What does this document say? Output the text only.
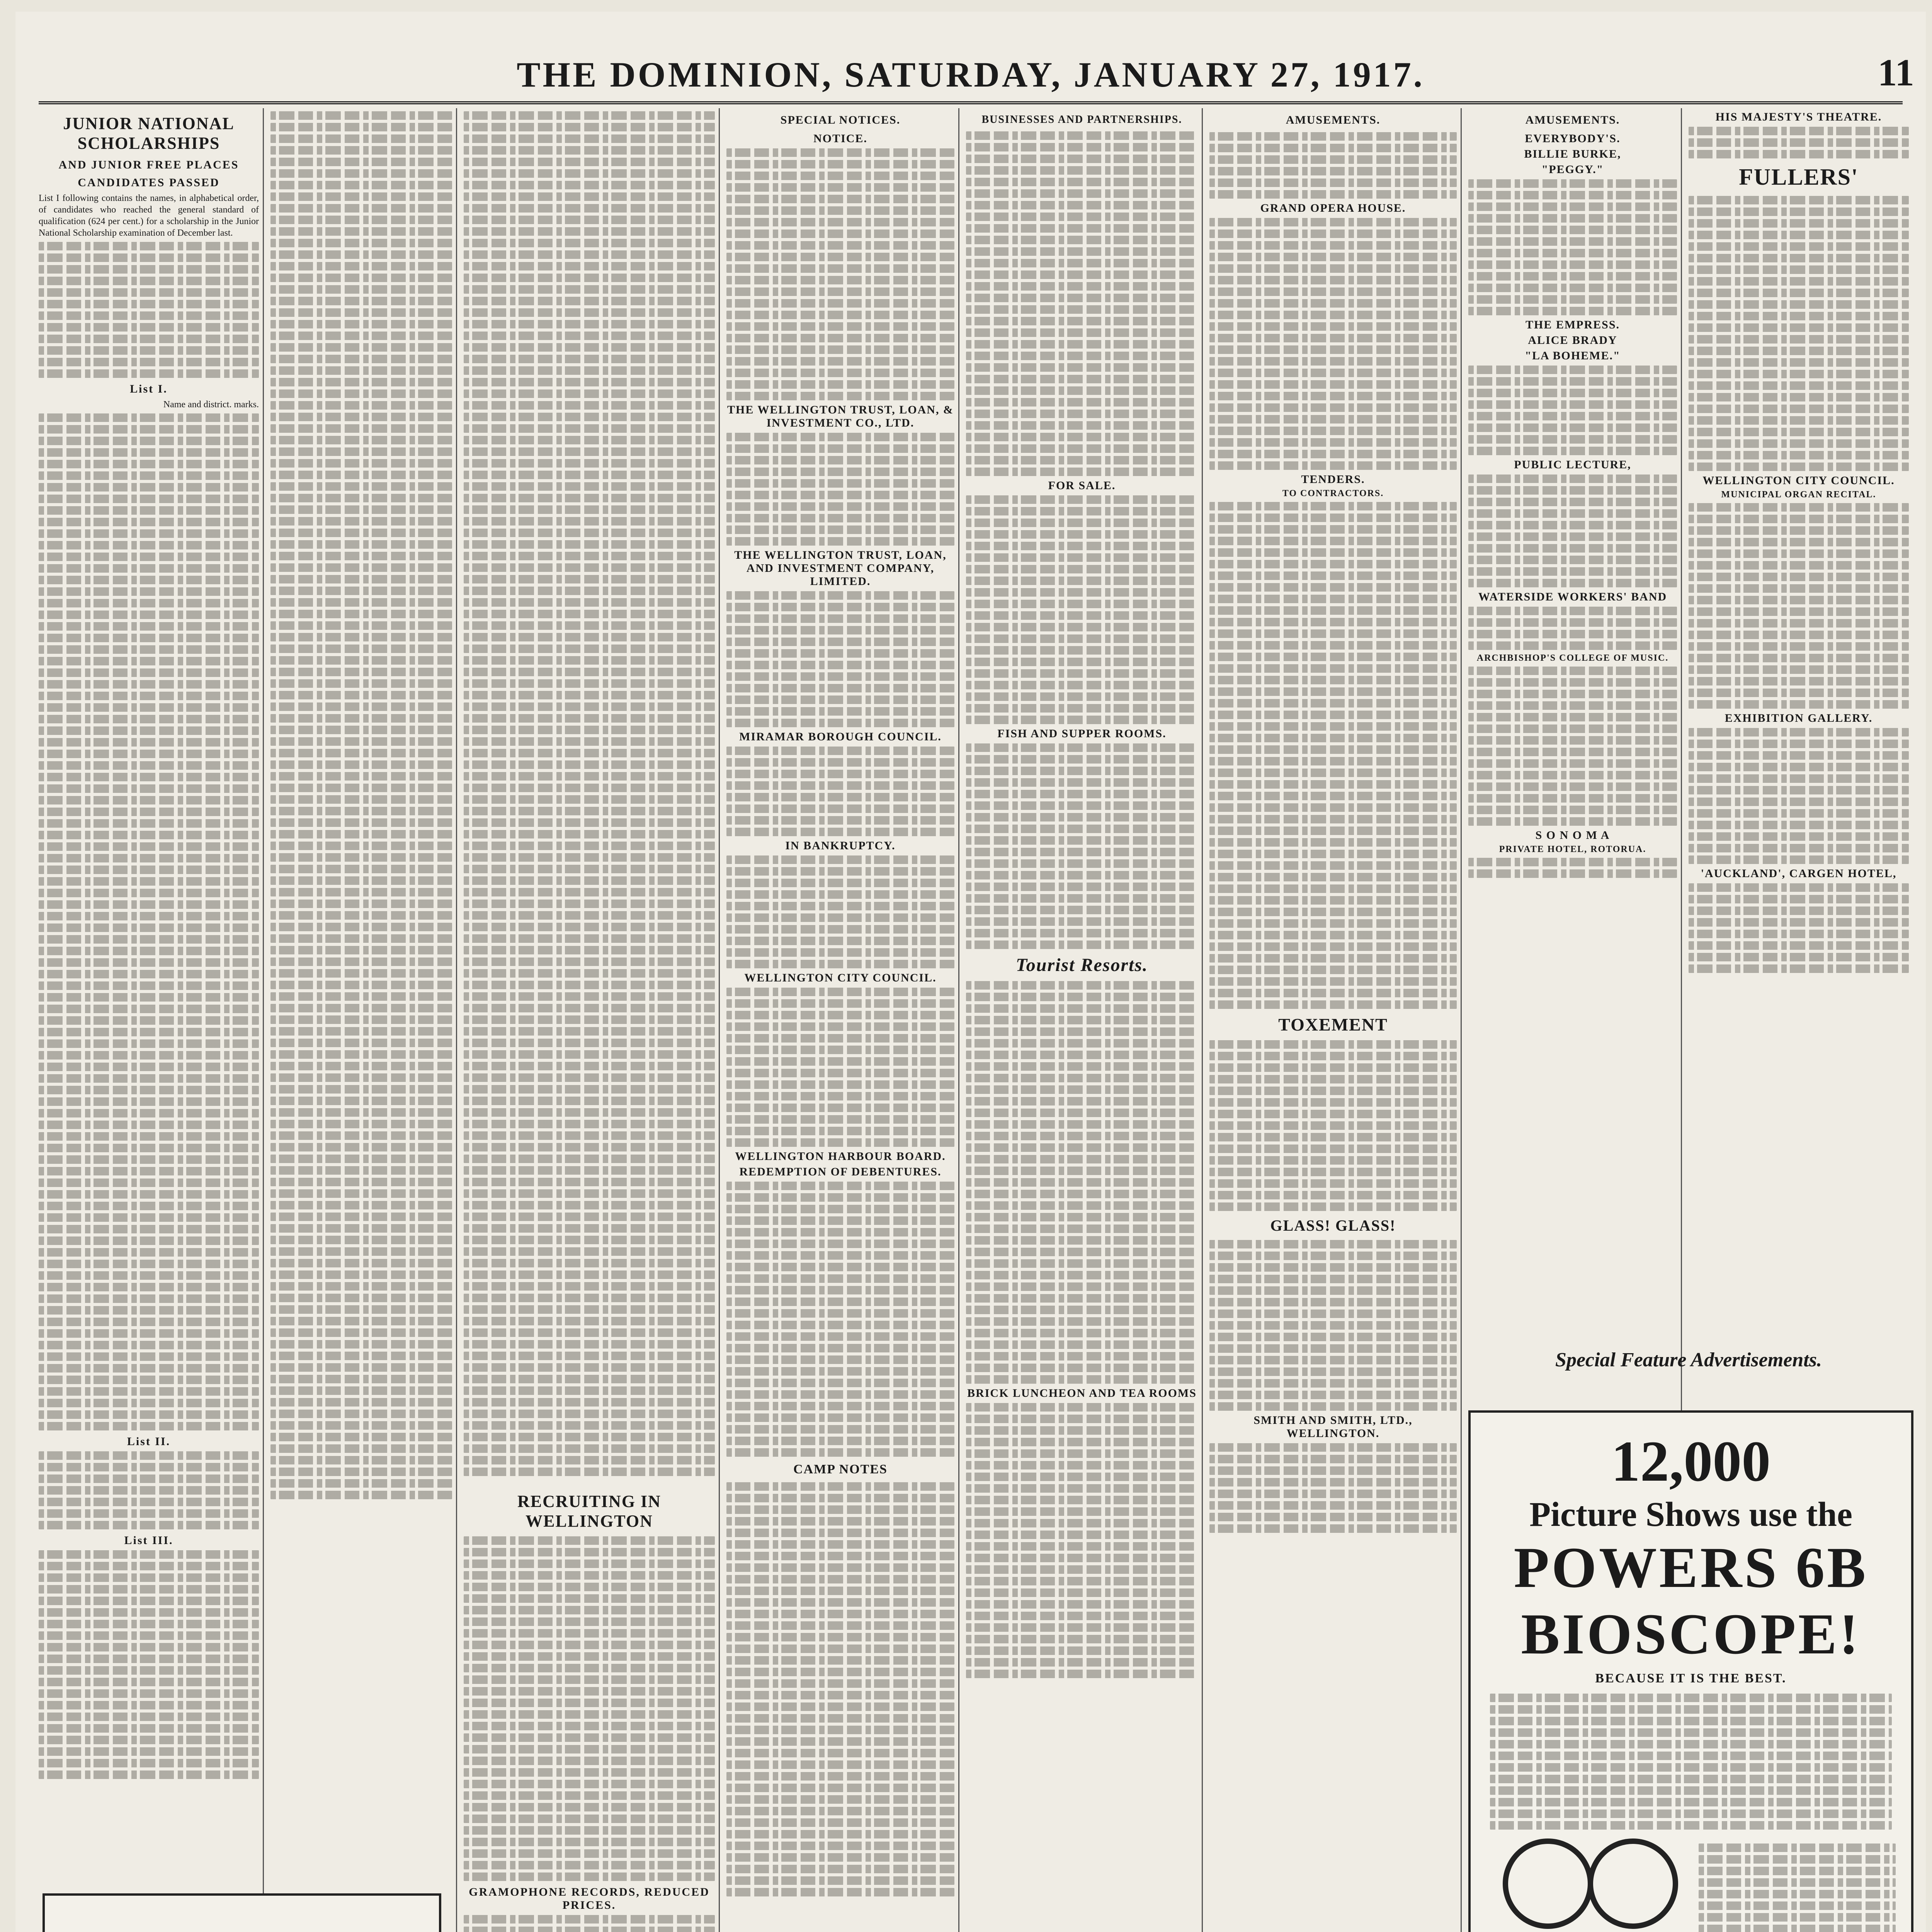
THE DOMINION, SATURDAY, JANUARY 27, 1917.	11
JUNIOR NATIONAL SCHOLARSHIPS
AND JUNIOR FREE PLACES
CANDIDATES PASSED
List I following contains the names, in alphabetical order, of candidates who reached the general standard of qualification (624 per cent.) for a scholarship in the Junior National Scholarship examination of December last.
List I.
Name and district. marks.
List II.
List III.
RECRUITING IN WELLINGTON
GRAMOPHONE RECORDS, REDUCED PRICES.
SPECIAL NOTICES.
NOTICE.
THE WELLINGTON TRUST, LOAN, & INVESTMENT CO., LTD.
THE WELLINGTON TRUST, LOAN, AND INVESTMENT COMPANY, LIMITED.
MIRAMAR BOROUGH COUNCIL.
IN BANKRUPTCY.
WELLINGTON CITY COUNCIL.
WELLINGTON HARBOUR BOARD.
REDEMPTION OF DEBENTURES.
CAMP NOTES
BUSINESSES AND PARTNERSHIPS.
FOR SALE.
FISH AND SUPPER ROOMS.
Tourist Resorts.
BRICK LUNCHEON AND TEA ROOMS
AMUSEMENTS.
GRAND OPERA HOUSE.
TENDERS.
TO CONTRACTORS.
TOXEMENT
GLASS! GLASS!
SMITH AND SMITH, LTD., WELLINGTON.
AMUSEMENTS.
EVERYBODY'S.
BILLIE BURKE,
"PEGGY."
THE EMPRESS.
ALICE BRADY
"LA BOHEME."
PUBLIC LECTURE,
WATERSIDE WORKERS' BAND
ARCHBISHOP'S COLLEGE OF MUSIC.
S O N O M A
PRIVATE HOTEL, ROTORUA.
HIS MAJESTY'S THEATRE.
FULLERS'
WELLINGTON CITY COUNCIL.
MUNICIPAL ORGAN RECITAL.
EXHIBITION GALLERY.
'AUCKLAND', CARGEN HOTEL,
Special Feature Advertisements.
12,000
Picture Shows use the
POWERS 6B
BIOSCOPE!
BECAUSE IT IS THE BEST.
